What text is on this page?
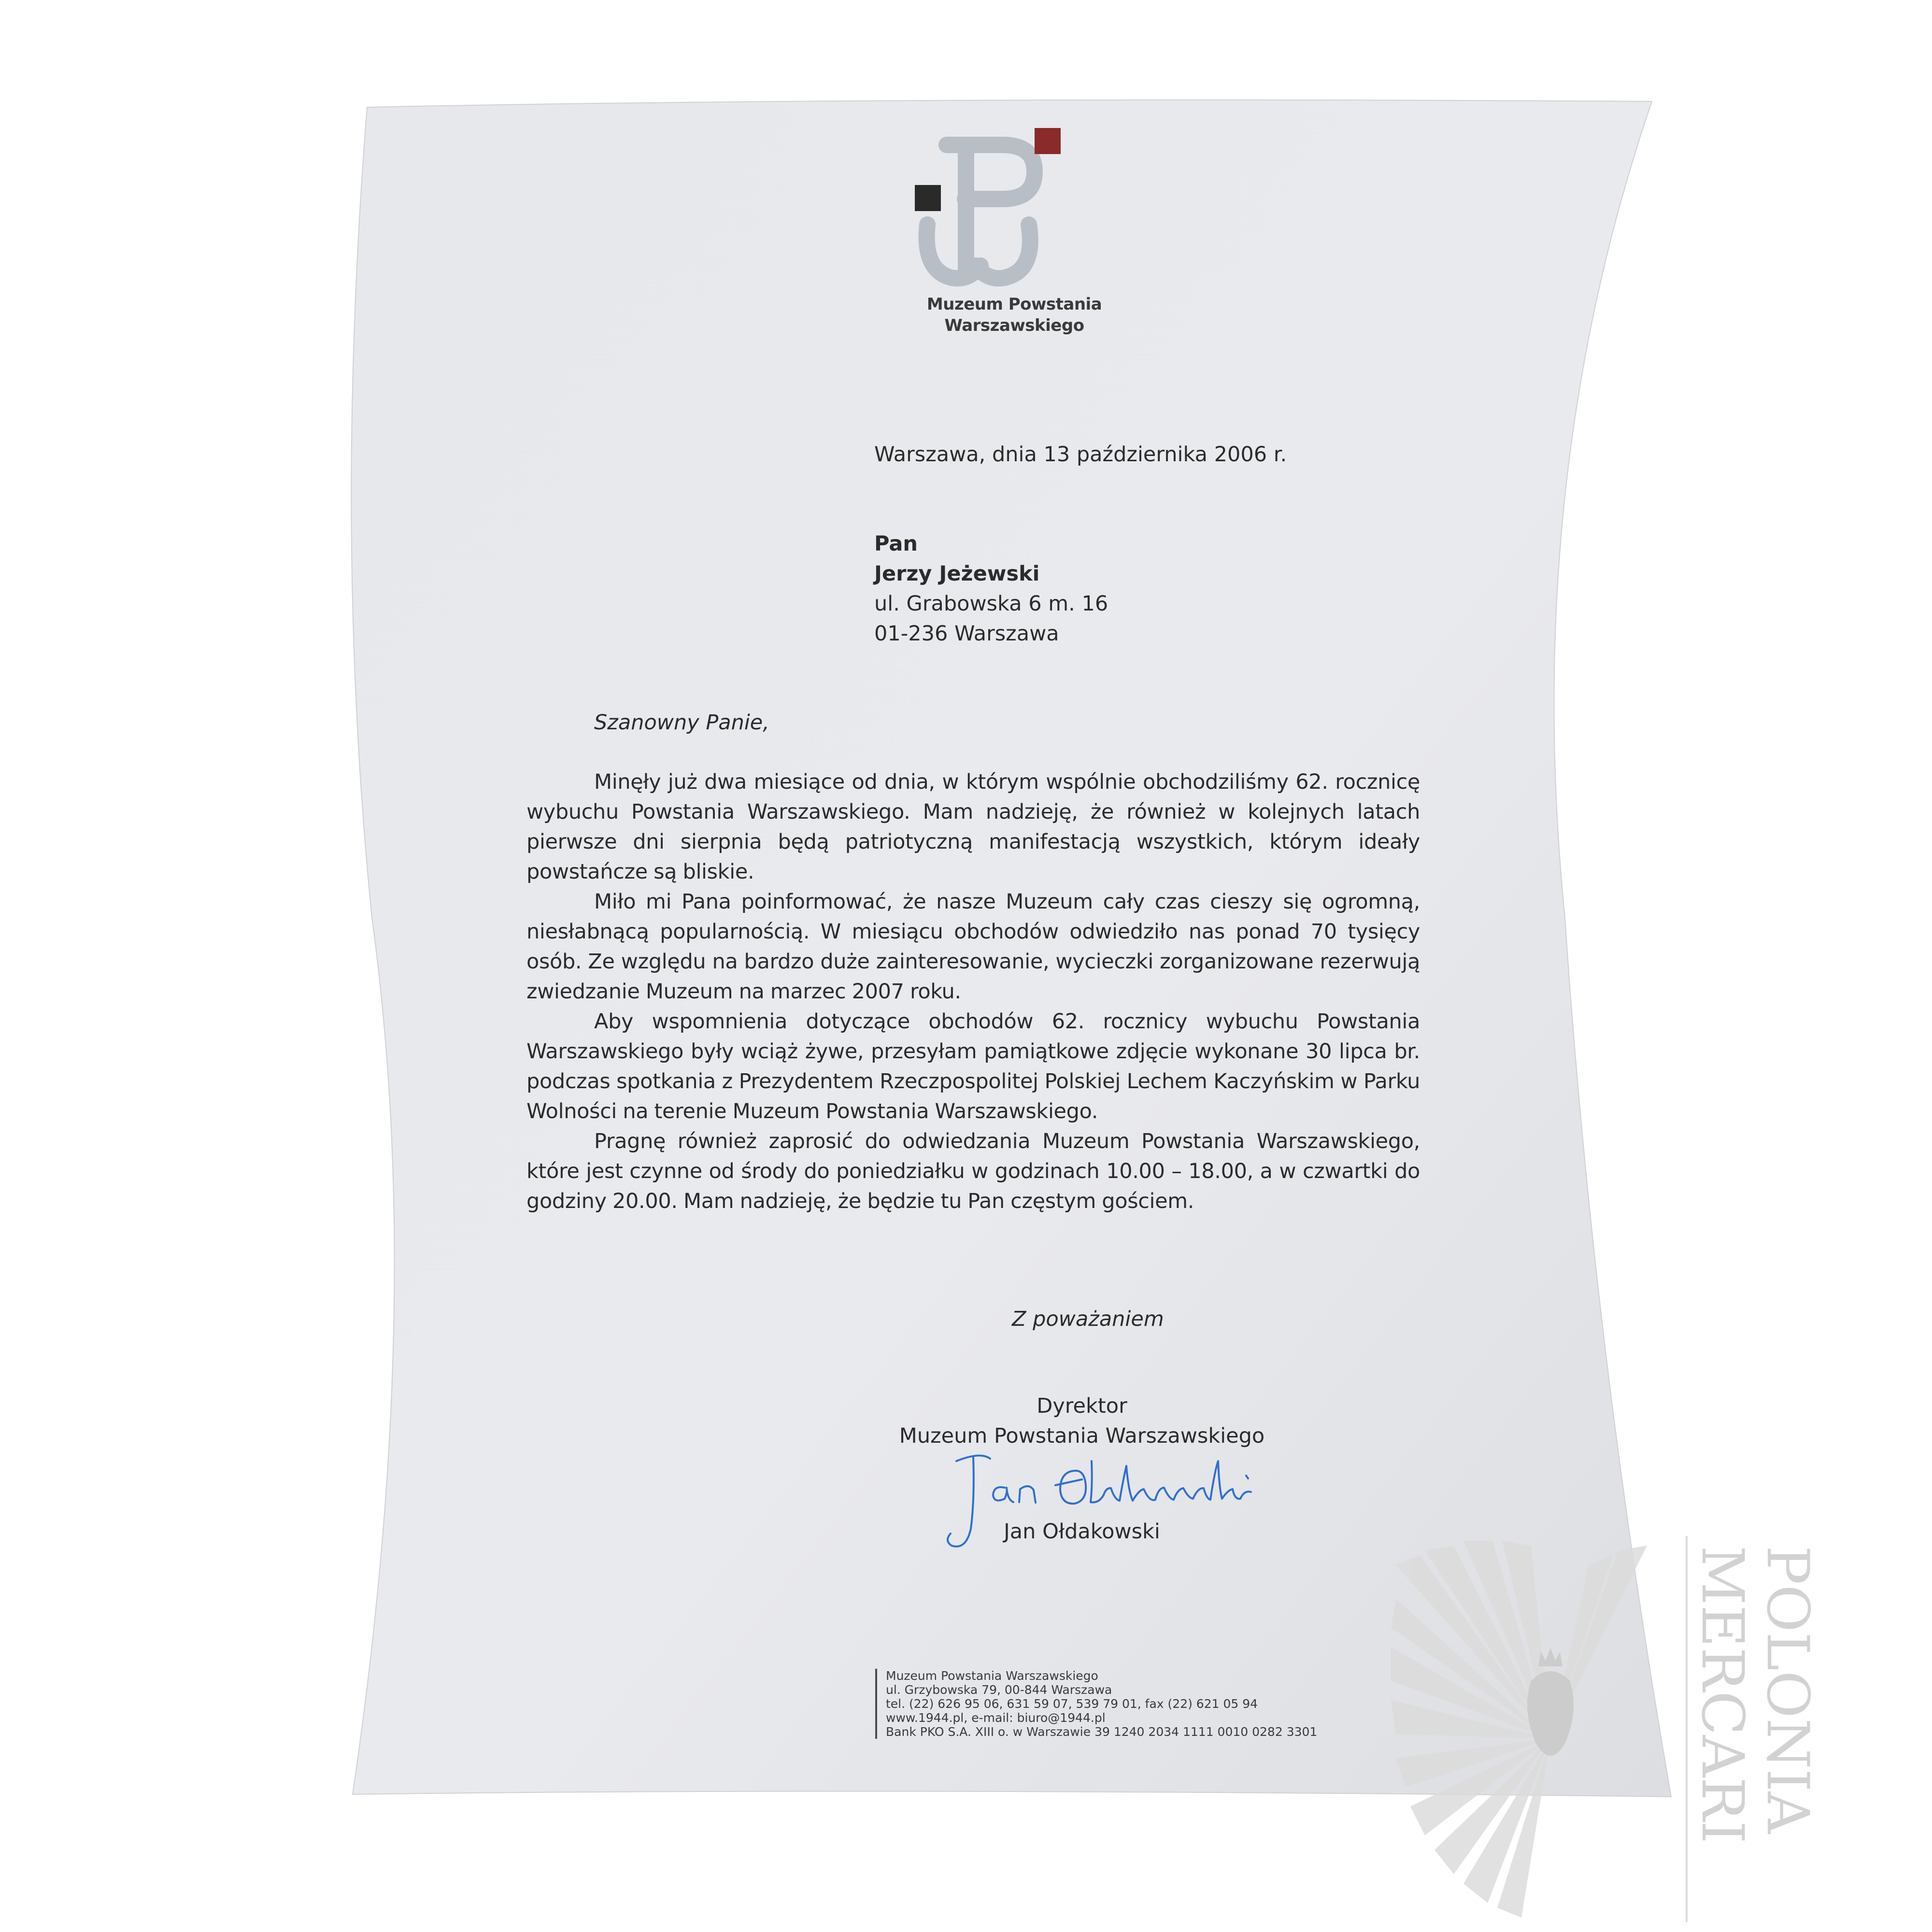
Muzeum Powstania
Warszawskiego
Warszawa, dnia 13 października 2006 r.
Pan
Jerzy Jeżewski
ul. Grabowska 6 m. 16
01-236 Warszawa
Szanowny Panie,

Minęły już dwa miesiące od dnia, w którym wspólnie obchodziliśmy 62. rocznicę wybuchu Powstania Warszawskiego. Mam nadzieję, że również w kolejnych latach pierwsze dni sierpnia będą patriotyczną manifestacją wszystkich, którym ideały powstańcze są bliskie.

Miło mi Pana poinformować, że nasze Muzeum cały czas cieszy się ogromną, niesłabnącą popularnością. W miesiącu obchodów odwiedziło nas ponad 70 tysięcy osób. Ze względu na bardzo duże zainteresowanie, wycieczki zorganizowane rezerwują zwiedzanie Muzeum na marzec 2007 roku.

Aby wspomnienia dotyczące obchodów 62. rocznicy wybuchu Powstania Warszawskiego były wciąż żywe, przesyłam pamiątkowe zdjęcie wykonane 30 lipca br. podczas spotkania z Prezydentem Rzeczpospolitej Polskiej Lechem Kaczyńskim w Parku Wolności na terenie Muzeum Powstania Warszawskiego.

Pragnę również zaprosić do odwiedzania Muzeum Powstania Warszawskiego, które jest czynne od środy do poniedziałku w godzinach 10.00 – 18.00, a w czwartki do godziny 20.00. Mam nadzieję, że będzie tu Pan częstym gościem.

Z poważaniem
Dyrektor
Muzeum Powstania Warszawskiego
Jan Ołdakowski
Muzeum Powstania Warszawskiego
ul. Grzybowska 79, 00-844 Warszawa
tel. (22) 626 95 06, 631 59 07, 539 79 01, fax (22) 621 05 94
www.1944.pl, e-mail: biuro@1944.pl
Bank PKO S.A. XIII o. w Warszawie 39 1240 2034 1111 0010 0282 3301	MERCARI
POLONIA
